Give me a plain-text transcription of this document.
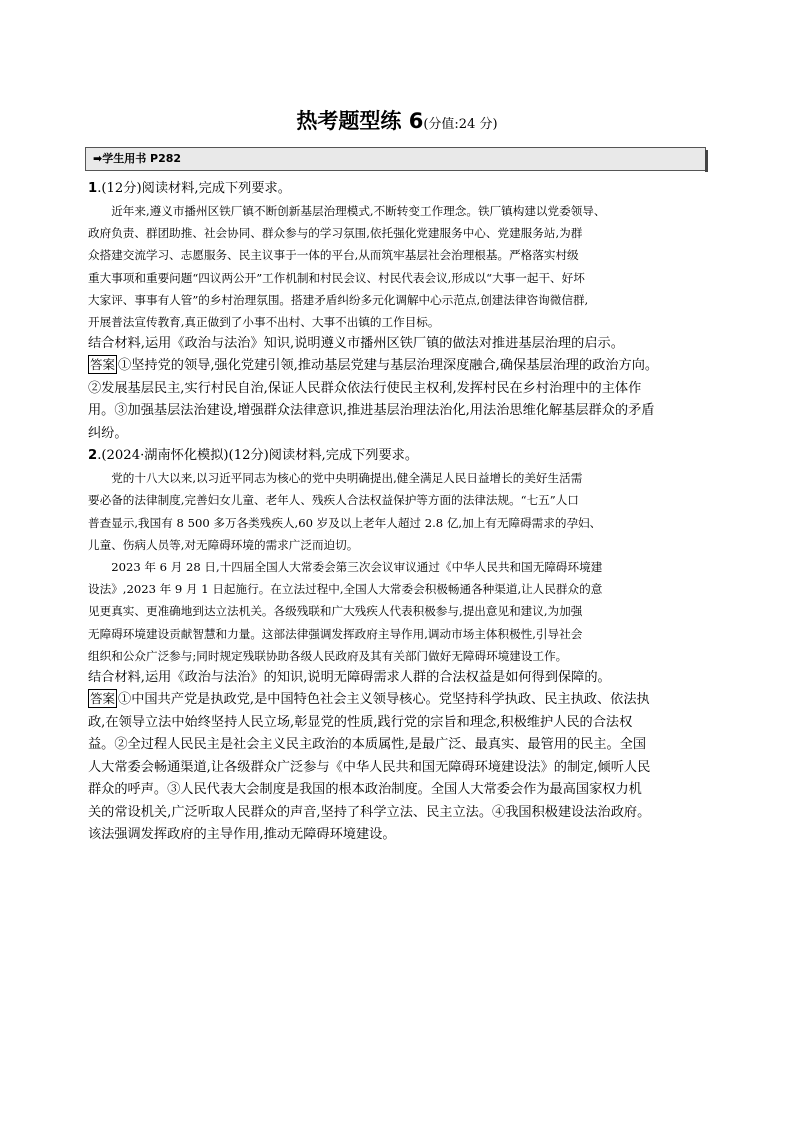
热考题型练 6(分值:24 分)
➡学生用书 P282
1.(12分)阅读材料,完成下列要求。

近年来,遵义市播州区铁厂镇不断创新基层治理模式,不断转变工作理念。铁厂镇构建以党委领导、

政府负责、群团助推、社会协同、群众参与的学习氛围,依托强化党建服务中心、党建服务站,为群

众搭建交流学习、志愿服务、民主议事于一体的平台,从而筑牢基层社会治理根基。严格落实村级

重大事项和重要问题“四议两公开”工作机制和村民会议、村民代表会议,形成以“大事一起干、好坏

大家评、事事有人管”的乡村治理氛围。搭建矛盾纠纷多元化调解中心示范点,创建法律咨询微信群,

开展普法宣传教育,真正做到了小事不出村、大事不出镇的工作目标。

结合材料,运用《政治与法治》知识,说明遵义市播州区铁厂镇的做法对推进基层治理的启示。

答案 ①坚持党的领导,强化党建引领,推动基层党建与基层治理深度融合,确保基层治理的政治方向。

②发展基层民主,实行村民自治,保证人民群众依法行使民主权利,发挥村民在乡村治理中的主体作

用。③加强基层法治建设,增强群众法律意识,推进基层治理法治化,用法治思维化解基层群众的矛盾

纠纷。

2.(2024·湖南怀化模拟)(12分)阅读材料,完成下列要求。

党的十八大以来,以习近平同志为核心的党中央明确提出,健全满足人民日益增长的美好生活需

要必备的法律制度,完善妇女儿童、老年人、残疾人合法权益保护等方面的法律法规。“七五”人口

普查显示,我国有 8 500 多万各类残疾人,60 岁及以上老年人超过 2.8 亿,加上有无障碍需求的孕妇、

儿童、伤病人员等,对无障碍环境的需求广泛而迫切。

2023 年 6 月 28 日,十四届全国人大常委会第三次会议审议通过《中华人民共和国无障碍环境建

设法》,2023 年 9 月 1 日起施行。在立法过程中,全国人大常委会积极畅通各种渠道,让人民群众的意

见更真实、更准确地到达立法机关。各级残联和广大残疾人代表积极参与,提出意见和建议,为加强

无障碍环境建设贡献智慧和力量。这部法律强调发挥政府主导作用,调动市场主体积极性,引导社会

组织和公众广泛参与;同时规定残联协助各级人民政府及其有关部门做好无障碍环境建设工作。

结合材料,运用《政治与法治》的知识,说明无障碍需求人群的合法权益是如何得到保障的。

答案 ①中国共产党是执政党,是中国特色社会主义领导核心。党坚持科学执政、民主执政、依法执

政,在领导立法中始终坚持人民立场,彰显党的性质,践行党的宗旨和理念,积极维护人民的合法权

益。②全过程人民民主是社会主义民主政治的本质属性,是最广泛、最真实、最管用的民主。全国

人大常委会畅通渠道,让各级群众广泛参与《中华人民共和国无障碍环境建设法》的制定,倾听人民

群众的呼声。③人民代表大会制度是我国的根本政治制度。全国人大常委会作为最高国家权力机

关的常设机关,广泛听取人民群众的声音,坚持了科学立法、民主立法。④我国积极建设法治政府。

该法强调发挥政府的主导作用,推动无障碍环境建设。
